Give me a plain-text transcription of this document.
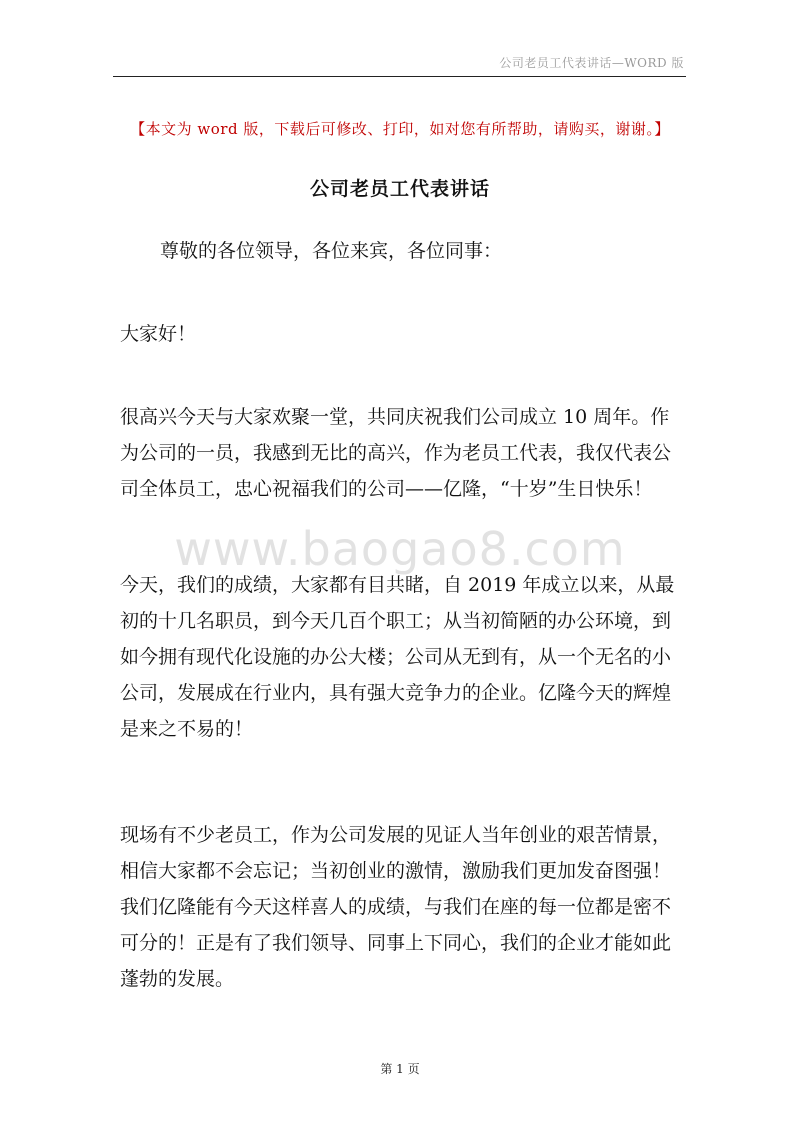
公司老员工代表讲话—WORD 版
【本文为 word 版，下载后可修改、打印，如对您有所帮助，请购买，谢谢。】
公司老员工代表讲话

尊敬的各位领导，各位来宾，各位同事：

大家好！

www.baogao8.com

很高兴今天与大家欢聚一堂，共同庆祝我们公司成立 10 周年。作为公司的一员，我感到无比的高兴，作为老员工代表，我仅代表公司全体员工，忠心祝福我们的公司——亿隆，“十岁”生日快乐！

今天，我们的成绩，大家都有目共睹，自 2019 年成立以来，从最初的十几名职员，到今天几百个职工；从当初简陋的办公环境，到如今拥有现代化设施的办公大楼；公司从无到有，从一个无名的小公司，发展成在行业内，具有强大竞争力的企业。亿隆今天的辉煌是来之不易的！

现场有不少老员工，作为公司发展的见证人当年创业的艰苦情景，相信大家都不会忘记；当初创业的激情，激励我们更加发奋图强！我们亿隆能有今天这样喜人的成绩，与我们在座的每一位都是密不可分的！正是有了我们领导、同事上下同心，我们的企业才能如此蓬勃的发展。

第 1 页
